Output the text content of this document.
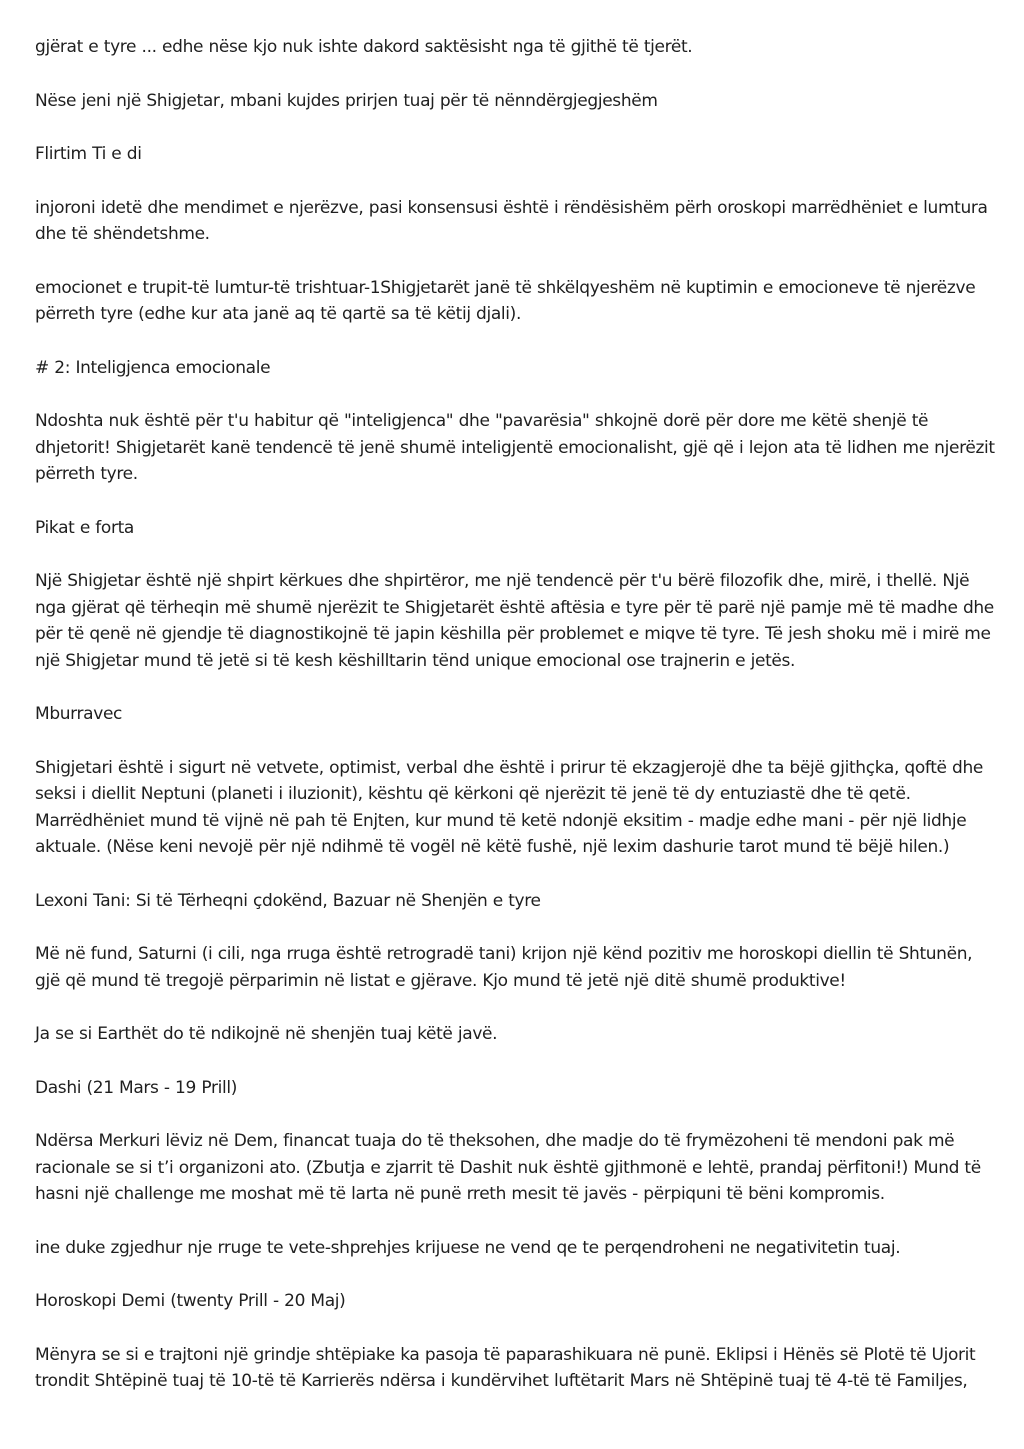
gjërat e tyre ... edhe nëse kjo nuk ishte dakord saktësisht nga të gjithë të tjerët.

Nëse jeni një Shigjetar, mbani kujdes prirjen tuaj për të nënndërgjegjeshëm

Flirtim Ti e di

injoroni idetë dhe mendimet e njerëzve, pasi konsensusi është i rëndësishëm përh oroskopi marrëdhëniet e lumtura dhe të shëndetshme.

emocionet e trupit-të lumtur-të trishtuar-1Shigjetarët janë të shkëlqyeshëm në kuptimin e emocioneve të njerëzve përreth tyre (edhe kur ata janë aq të qartë sa të këtij djali).

# 2: Inteligjenca emocionale

Ndoshta nuk është për t'u habitur që "inteligjenca" dhe "pavarësia" shkojnë dorë për dore me këtë shenjë të dhjetorit! Shigjetarët kanë tendencë të jenë shumë inteligjentë emocionalisht, gjë që i lejon ata të lidhen me njerëzit përreth tyre.

Pikat e forta

Një Shigjetar është një shpirt kërkues dhe shpirtëror, me një tendencë për t'u bërë filozofik dhe, mirë, i thellë. Një nga gjërat që tërheqin më shumë njerëzit te Shigjetarët është aftësia e tyre për të parë një pamje më të madhe dhe për të qenë në gjendje të diagnostikojnë të japin këshilla për problemet e miqve të tyre. Të jesh shoku më i mirë me një Shigjetar mund të jetë si të kesh këshilltarin tënd unique emocional ose trajnerin e jetës.

Mburravec

Shigjetari është i sigurt në vetvete, optimist, verbal dhe është i prirur të ekzagjerojë dhe ta bëjë gjithçka, qoftë dhe seksi i diellit Neptuni (planeti i iluzionit), kështu që kërkoni që njerëzit të jenë të dy entuziastë dhe të qetë. Marrëdhëniet mund të vijnë në pah të Enjten, kur mund të ketë ndonjë eksitim - madje edhe mani - për një lidhje aktuale. (Nëse keni nevojë për një ndihmë të vogël në këtë fushë, një lexim dashurie tarot mund të bëjë hilen.)

Lexoni Tani: Si të Tërheqni çdokënd, Bazuar në Shenjën e tyre

Më në fund, Saturni (i cili, nga rruga është retrogradë tani) krijon një kënd pozitiv me horoskopi diellin të Shtunën, gjë që mund të tregojë përparimin në listat e gjërave. Kjo mund të jetë një ditë shumë produktive!

Ja se si Earthët do të ndikojnë në shenjën tuaj këtë javë.

Dashi (21 Mars - 19 Prill)

Ndërsa Merkuri lëviz në Dem, financat tuaja do të theksohen, dhe madje do të frymëzoheni të mendoni pak më racionale se si t’i organizoni ato. (Zbutja e zjarrit të Dashit nuk është gjithmonë e lehtë, prandaj përfitoni!) Mund të hasni një challenge me moshat më të larta në punë rreth mesit të javës - përpiquni të bëni kompromis.

ine duke zgjedhur nje rruge te vete-shprehjes krijuese ne vend qe te perqendroheni ne negativitetin tuaj.

Horoskopi Demi (twenty Prill - 20 Maj)

Mënyra se si e trajtoni një grindje shtëpiake ka pasoja të paparashikuara në punë. Eklipsi i Hënës së Plotë të Ujorit trondit Shtëpinë tuaj të 10-të të Karrierës ndërsa i kundërvihet luftëtarit Mars në Shtëpinë tuaj të 4-të të Familjes,
